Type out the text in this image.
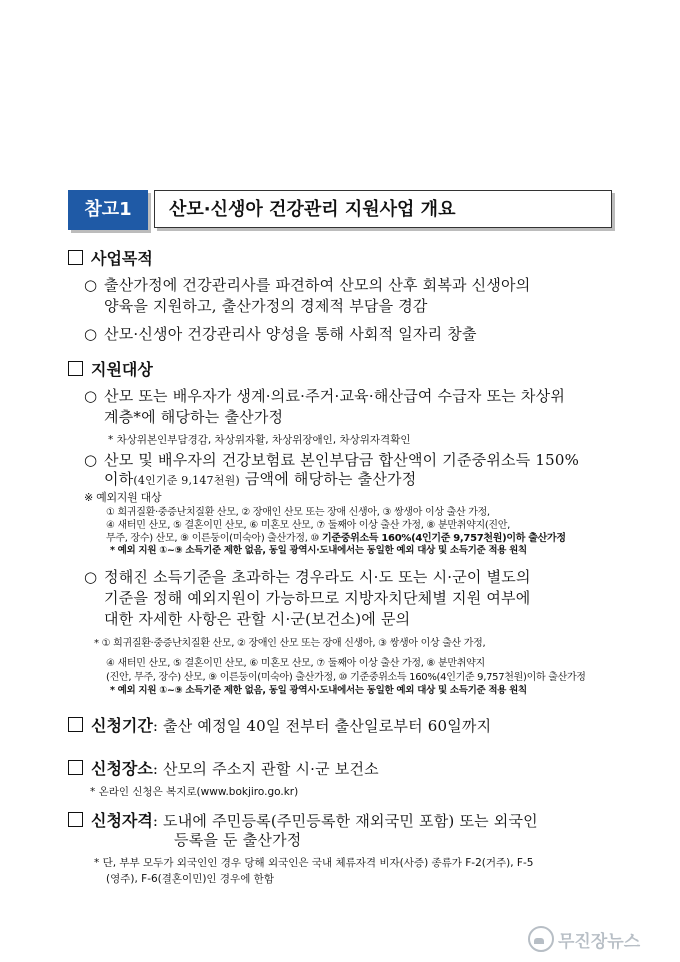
참고1	산모·신생아 건강관리 지원사업 개요
사업목적
○ 출산가정에 건강관리사를 파견하여 산모의 산후 회복과 신생아의
양육을 지원하고, 출산가정의 경제적 부담을 경감
○ 산모·신생아 건강관리사 양성을 통해 사회적 일자리 창출
지원대상
○ 산모 또는 배우자가 생계·의료·주거·교육·해산급여 수급자 또는 차상위
계층*에 해당하는 출산가정
* 차상위본인부담경감, 차상위자활, 차상위장애인, 차상위자격확인
○ 산모 및 배우자의 건강보험료 본인부담금 합산액이 기준중위소득 150%
이하(4인기준 9,147천원) 금액에 해당하는 출산가정
※ 예외지원 대상
① 희귀질환·중증난치질환 산모, ② 장애인 산모 또는 장애 신생아, ③ 쌍생아 이상 출산 가정,
④ 새터민 산모, ⑤ 결혼이민 산모, ⑥ 미혼모 산모, ⑦ 둘째아 이상 출산 가정, ⑧ 분만취약지(진안,
무주, 장수) 산모, ⑨ 이른둥이(미숙아) 출산가정, ⑩ 기준중위소득 160%(4인기준 9,757천원)이하 출산가정
* 예외 지원 ①~⑨ 소득기준 제한 없음, 동일 광역시·도내에서는 동일한 예외 대상 및 소득기준 적용 원칙
○ 정해진 소득기준을 초과하는 경우라도 시·도 또는 시·군이 별도의
기준을 정해 예외지원이 가능하므로 지방자치단체별 지원 여부에
대한 자세한 사항은 관할 시·군(보건소)에 문의
* ① 희귀질환·중증난치질환 산모, ② 장애인 산모 또는 장애 신생아, ③ 쌍생아 이상 출산 가정,
④ 새터민 산모, ⑤ 결혼이민 산모, ⑥ 미혼모 산모, ⑦ 둘째아 이상 출산 가정, ⑧ 분만취약지
(진안, 무주, 장수) 산모, ⑨ 이른둥이(미숙아) 출산가정, ⑩ 기준중위소득 160%(4인기준 9,757천원)이하 출산가정
* 예외 지원 ①~⑨ 소득기준 제한 없음, 동일 광역시·도내에서는 동일한 예외 대상 및 소득기준 적용 원칙
신청기간: 출산 예정일 40일 전부터 출산일로부터 60일까지
신청장소: 산모의 주소지 관할 시·군 보건소
* 온라인 신청은 복지로(www.bokjiro.go.kr)
신청자격: 도내에 주민등록(주민등록한 재외국민 포함) 또는 외국인
등록을 둔 출산가정
* 단, 부부 모두가 외국인인 경우 당해 외국인은 국내 체류자격 비자(사증) 종류가 F-2(거주), F-5
(영주), F-6(결혼이민)인 경우에 한함
무진장뉴스
